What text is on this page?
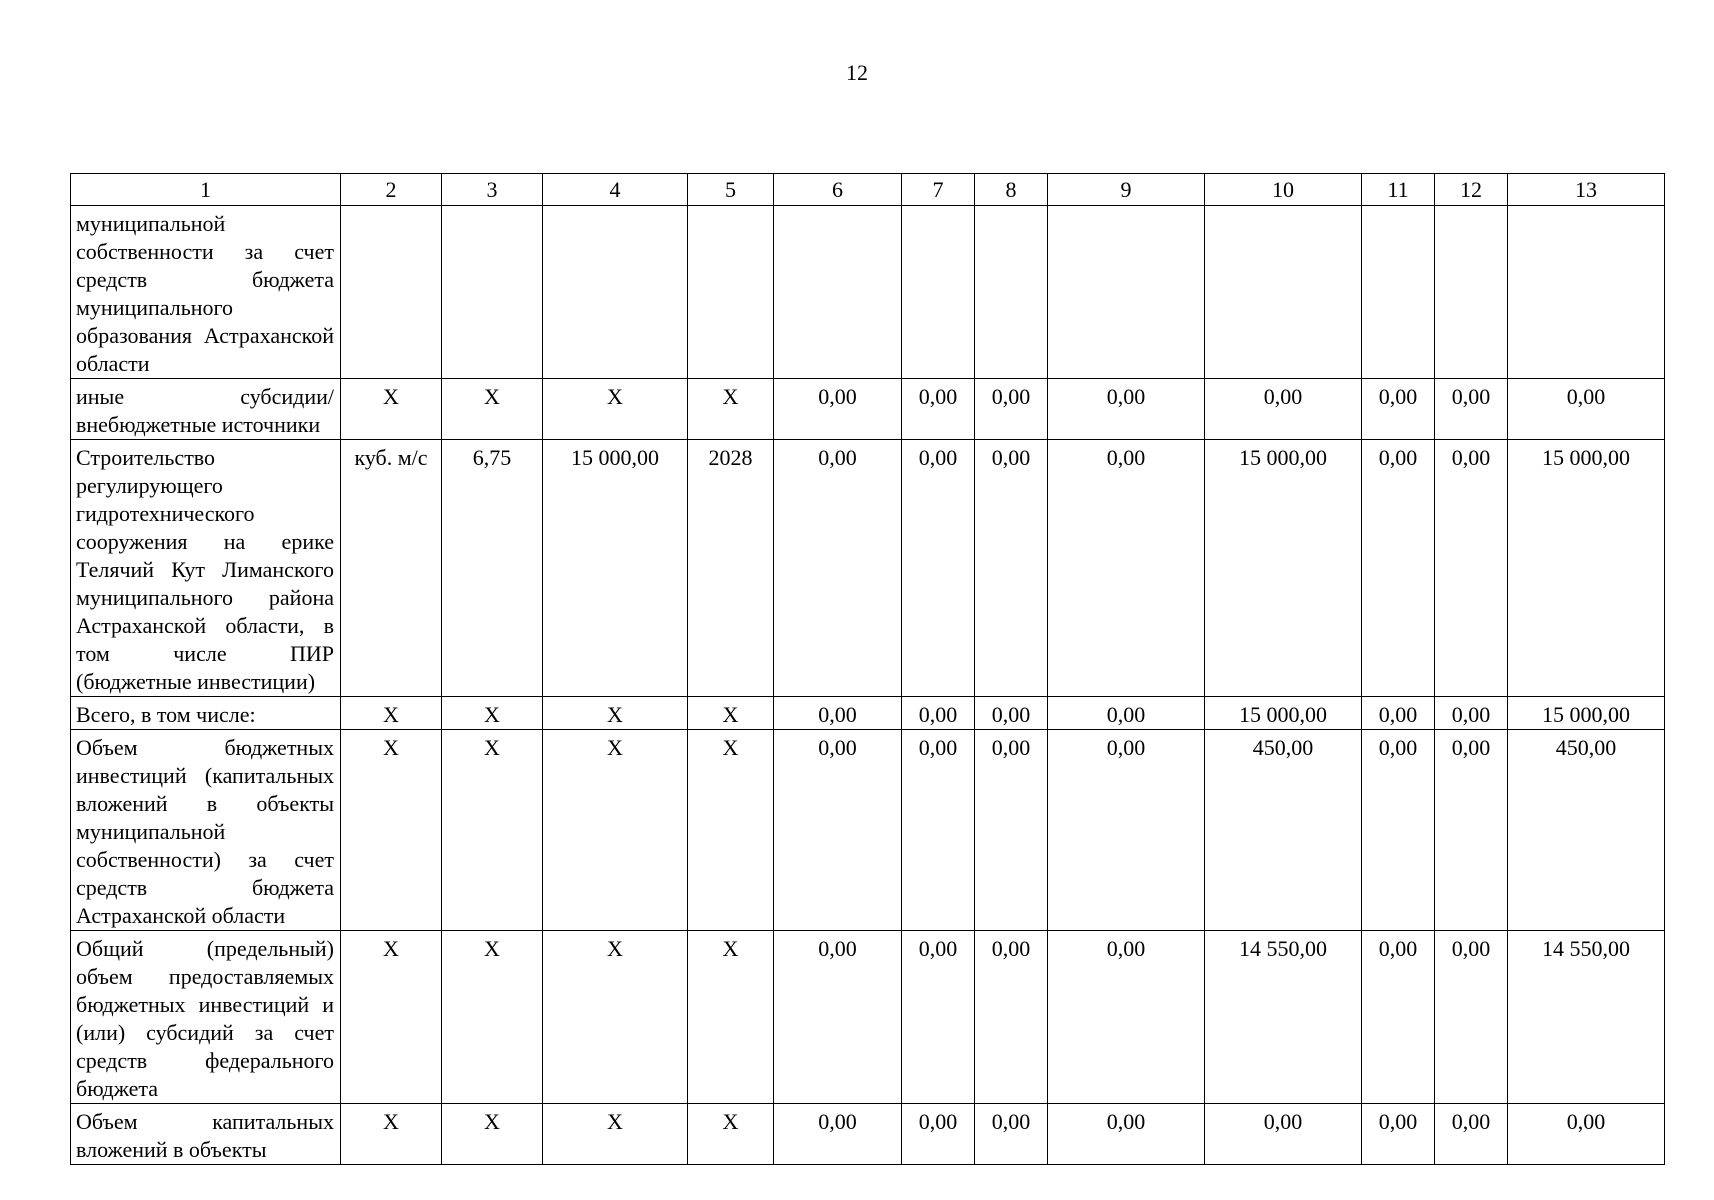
12
1	2	3	4	5	6	7	8	9	10	11	12	13
муниципальной собственности за счет средств бюджета муниципального образования Астраханской области												
иные субсидии/ внебюджетные источники	X	X	X	X	0,00	0,00	0,00	0,00	0,00	0,00	0,00	0,00
Строительство регулирующего гидротехнического сооружения на ерике Телячий Кут Лиманского муниципального района Астраханской области, в том числе ПИР (бюджетные инвестиции)	куб. м/с	6,75	15 000,00	2028	0,00	0,00	0,00	0,00	15 000,00	0,00	0,00	15 000,00
Всего, в том числе:	X	X	X	X	0,00	0,00	0,00	0,00	15 000,00	0,00	0,00	15 000,00
Объем бюджетных инвестиций (капитальных вложений в объекты муниципальной собственности) за счет средств бюджета Астраханской области	X	X	X	X	0,00	0,00	0,00	0,00	450,00	0,00	0,00	450,00
Общий (предельный) объем предоставляемых бюджетных инвестиций и (или) субсидий за счет средств федерального бюджета	X	X	X	X	0,00	0,00	0,00	0,00	14 550,00	0,00	0,00	14 550,00
Объем капитальных вложений в объекты	X	X	X	X	0,00	0,00	0,00	0,00	0,00	0,00	0,00	0,00
